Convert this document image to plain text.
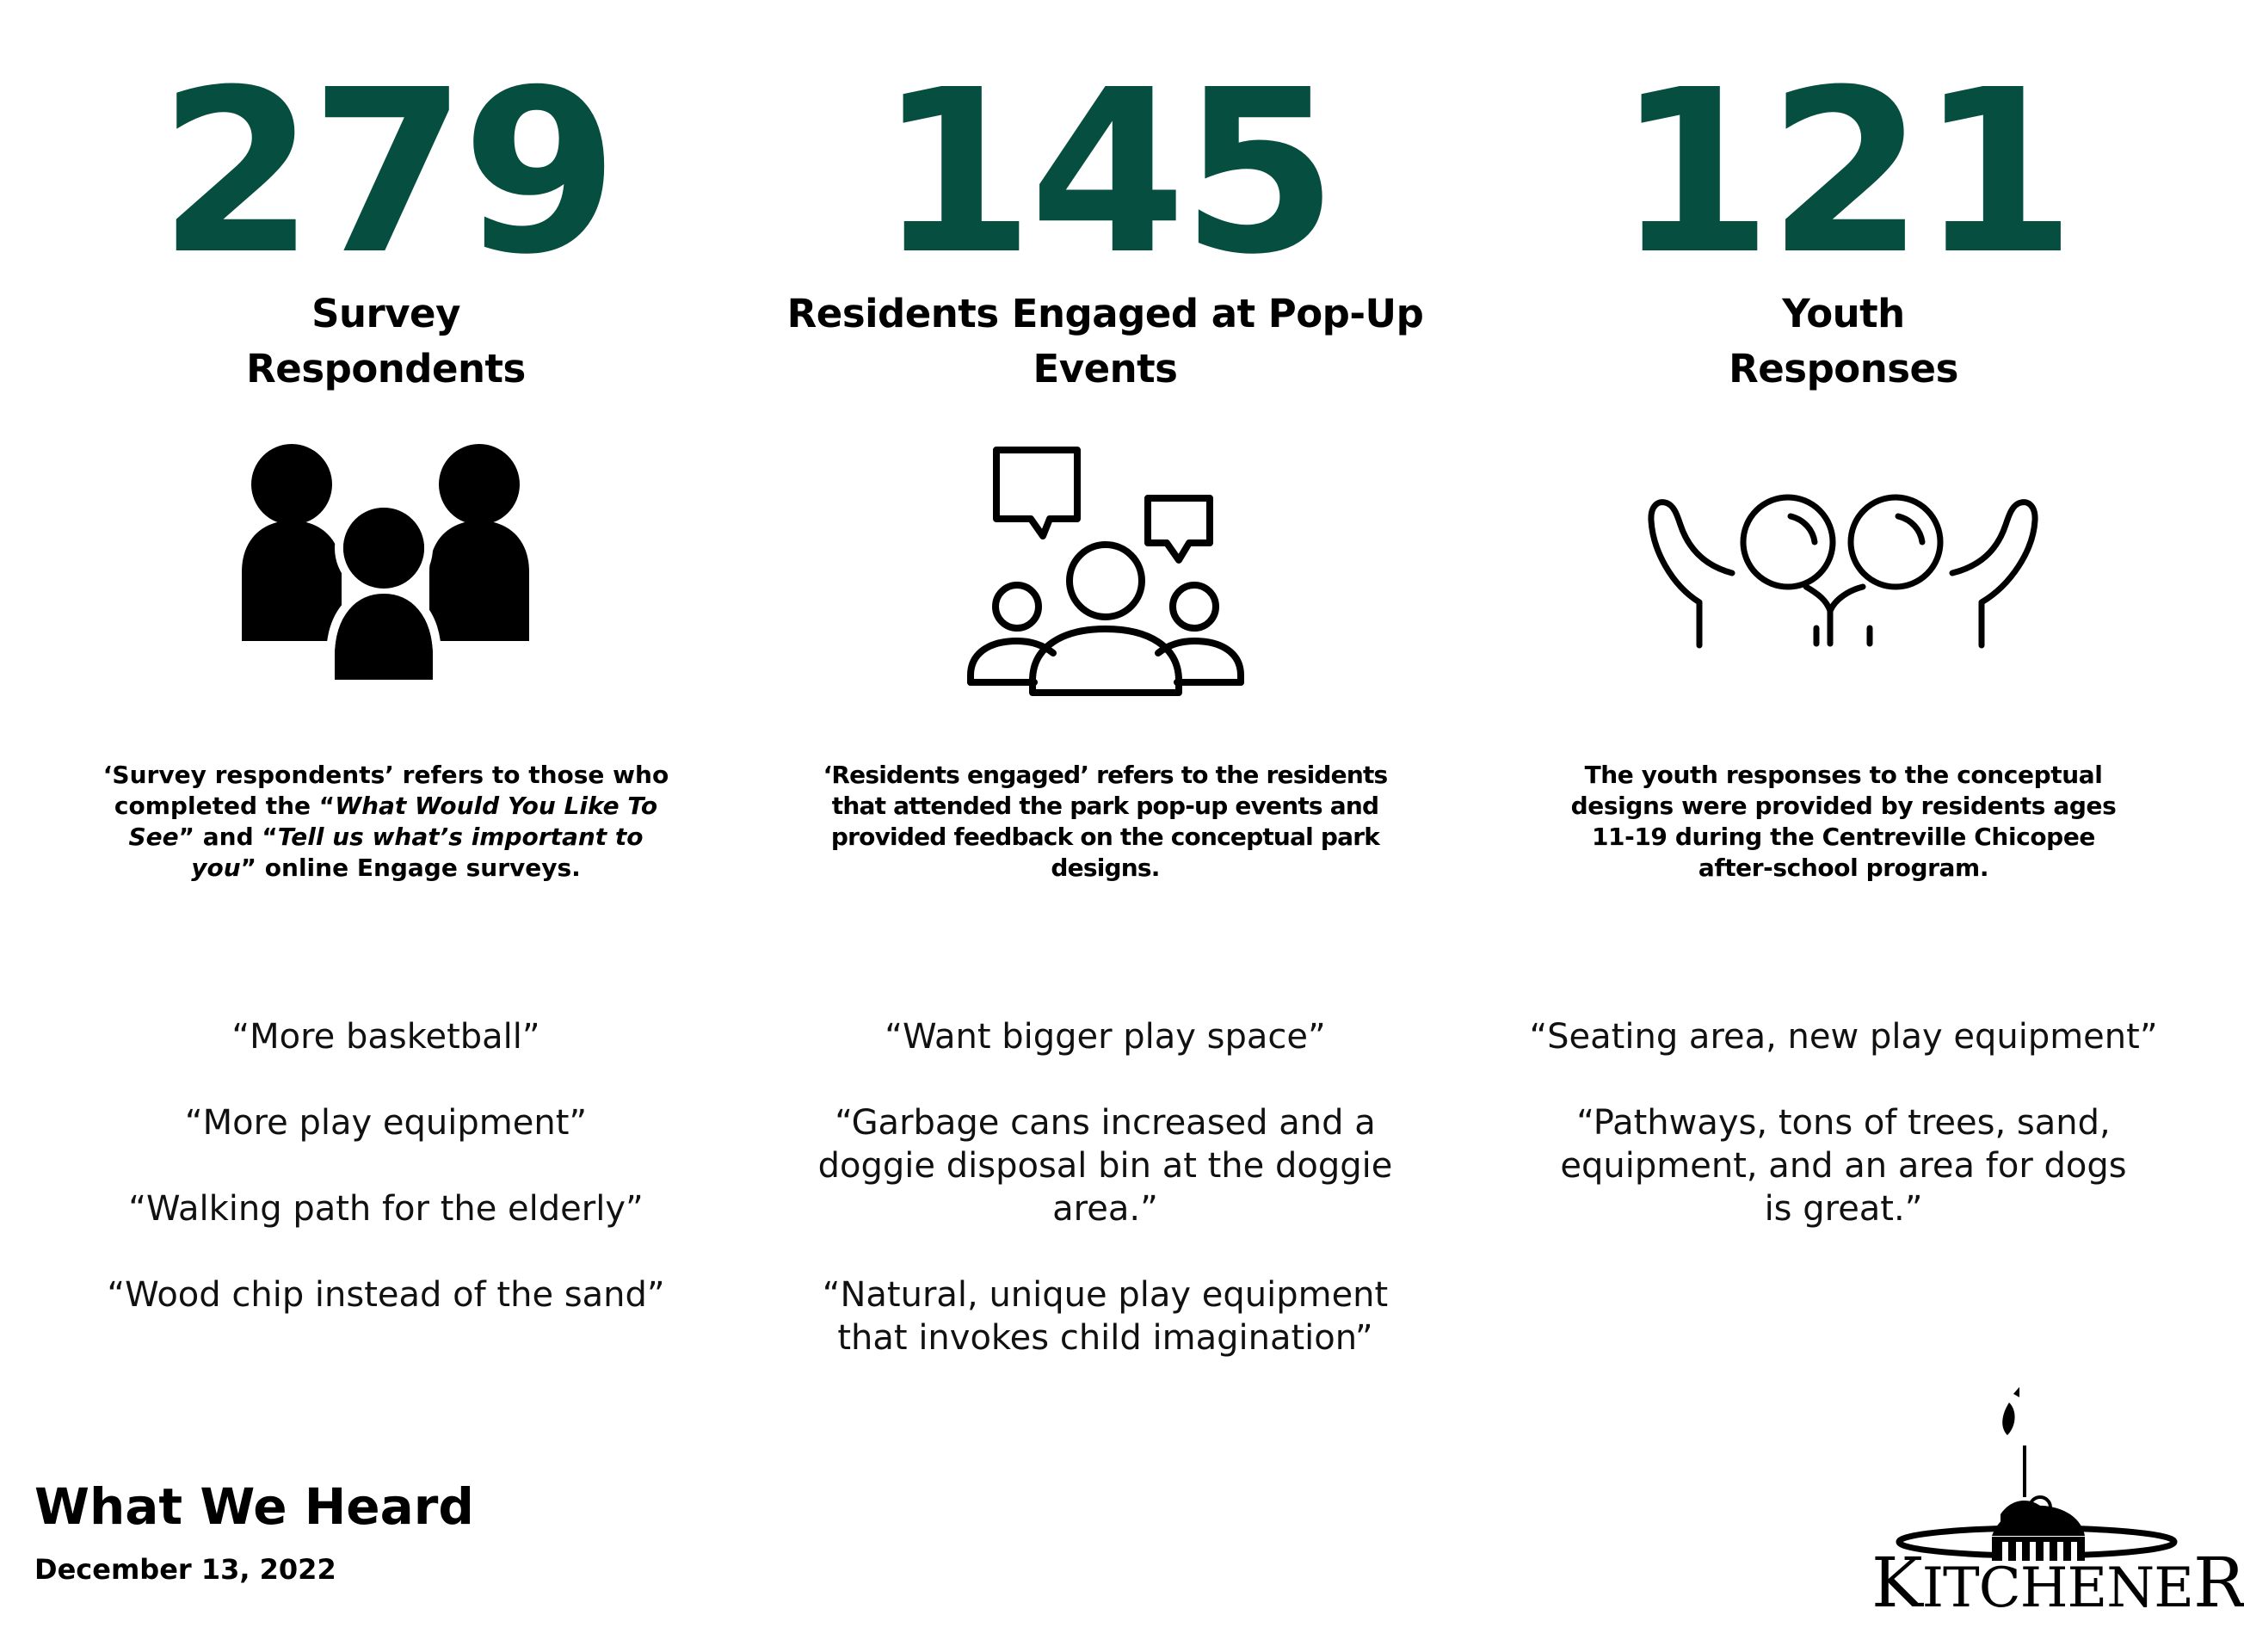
279
Survey
Respondents
‘Survey respondents’ refers to those who completed the “What Would You Like To See” and “Tell us what’s important to you” online Engage surveys.
“More basketball”
“More play equipment”
“Walking path for the elderly”
“Wood chip instead of the sand”
145
Residents Engaged at Pop-Up
Events
‘Residents engaged’ refers to the residents that attended the park pop-up events and provided feedback on the conceptual park designs.
“Want bigger play space”
“Garbage cans increased and a doggie disposal bin at the doggie area.”
“Natural, unique play equipment that invokes child imagination”
121
Youth
Responses
The youth responses to the conceptual designs were provided by residents ages 11-19 during the Centreville Chicopee after-school program.
“Seating area, new play equipment”
“Pathways, tons of trees, sand, equipment, and an area for dogs is great.”
What We Heard
December 13, 2022	KITCHENER
